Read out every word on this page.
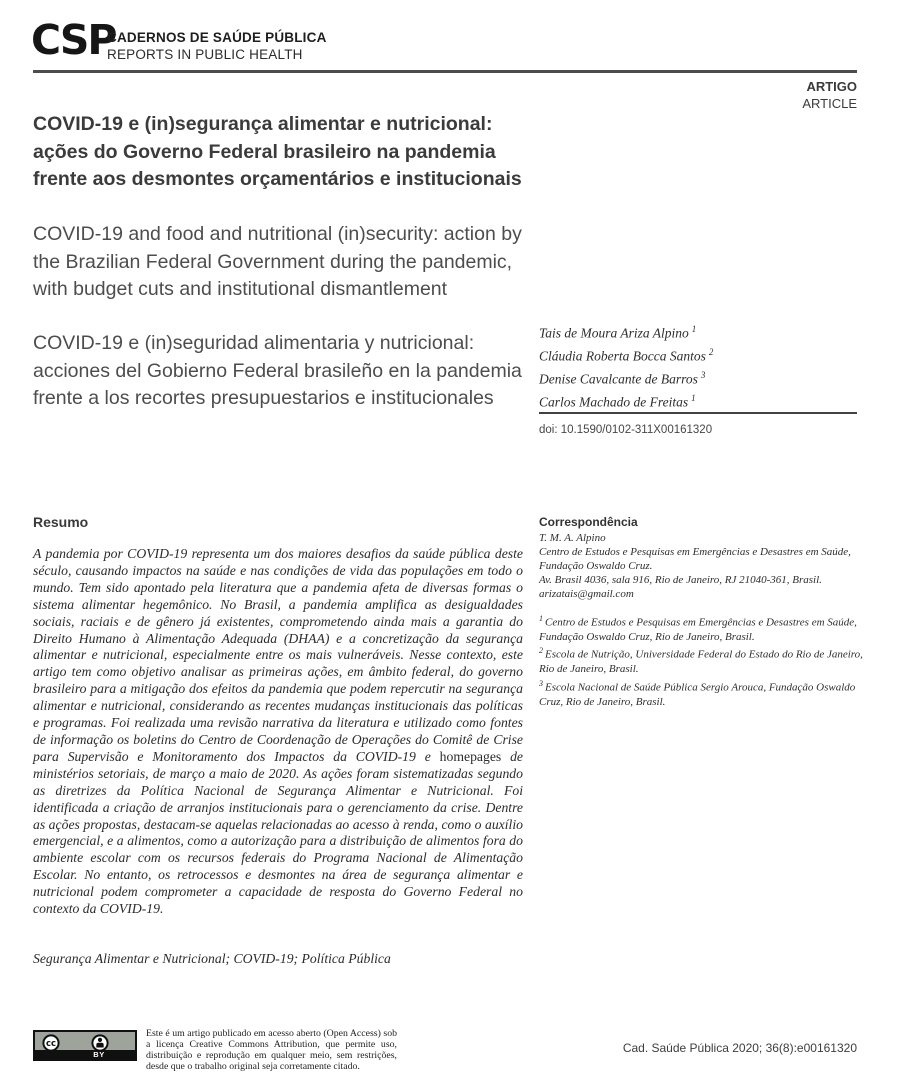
CSP
CADERNOS DE SAÚDE PÚBLICA
REPORTS IN PUBLIC HEALTH
ARTIGO
ARTICLE
COVID-19 e (in)segurança alimentar e nutricional: ações do Governo Federal brasileiro na pandemia frente aos desmontes orçamentários e institucionais
COVID-19 and food and nutritional (in)security: action by the Brazilian Federal Government during the pandemic, with budget cuts and institutional dismantlement
COVID-19 e (in)seguridad alimentaria y nutricional: acciones del Gobierno Federal brasileño en la pandemia frente a los recortes presupuestarios e institucionales
Tais de Moura Ariza Alpino $^1$
Cláudia Roberta Bocca Santos $^2$
Denise Cavalcante de Barros $^3$
Carlos Machado de Freitas $^1$
doi: 10.1590/0102-311X00161320
Resumo

A pandemia por COVID-19 representa um dos maiores desafios da saúde pública deste século, causando impactos na saúde e nas condições de vida das populações em todo o mundo. Tem sido apontado pela literatura que a pandemia afeta de diversas formas o sistema alimentar hegemônico. No Brasil, a pandemia amplifica as desigualdades sociais, raciais e de gênero já existentes, comprometendo ainda mais a garantia do Direito Humano à Alimentação Adequada (DHAA) e a concretização da segurança alimentar e nutricional, especialmente entre os mais vulneráveis. Nesse contexto, este artigo tem como objetivo analisar as primeiras ações, em âmbito federal, do governo brasileiro para a mitigação dos efeitos da pandemia que podem repercutir na segurança alimentar e nutricional, considerando as recentes mudanças institucionais das políticas e programas. Foi realizada uma revisão narrativa da literatura e utilizado como fontes de informação os boletins do Centro de Coordenação de Operações do Comitê de Crise para Supervisão e Monitoramento dos Impactos da COVID-19 e homepages de ministérios setoriais, de março a maio de 2020. As ações foram sistematizadas segundo as diretrizes da Política Nacional de Segurança Alimentar e Nutricional. Foi identificada a criação de arranjos institucionais para o gerenciamento da crise. Dentre as ações propostas, destacam-se aquelas relacionadas ao acesso à renda, como o auxílio emergencial, e a alimentos, como a autorização para a distribuição de alimentos fora do ambiente escolar com os recursos federais do Programa Nacional de Alimentação Escolar. No entanto, os retrocessos e desmontes na área de segurança alimentar e nutricional podem comprometer a capacidade de resposta do Governo Federal no contexto da COVID-19.

Segurança Alimentar e Nutricional; COVID-19; Política Pública
Correspondência
T. M. A. Alpino
Centro de Estudos e Pesquisas em Emergências e Desastres em Saúde, Fundação Oswaldo Cruz.
Av. Brasil 4036, sala 916, Rio de Janeiro, RJ 21040-361, Brasil.
arizatais@gmail.com
$^1$ Centro de Estudos e Pesquisas em Emergências e Desastres em Saúde, Fundação Oswaldo Cruz, Rio de Janeiro, Brasil.
$^2$ Escola de Nutrição, Universidade Federal do Estado do Rio de Janeiro, Rio de Janeiro, Brasil.
$^3$ Escola Nacional de Saúde Pública Sergio Arouca, Fundação Oswaldo Cruz, Rio de Janeiro, Brasil.
cc
BY

Este é um artigo publicado em acesso aberto (Open Access) sob a licença Creative Commons Attribution, que permite uso, distribuição e reprodução em qualquer meio, sem restrições, desde que o trabalho original seja corretamente citado.

Cad. Saúde Pública 2020; 36(8):e00161320
